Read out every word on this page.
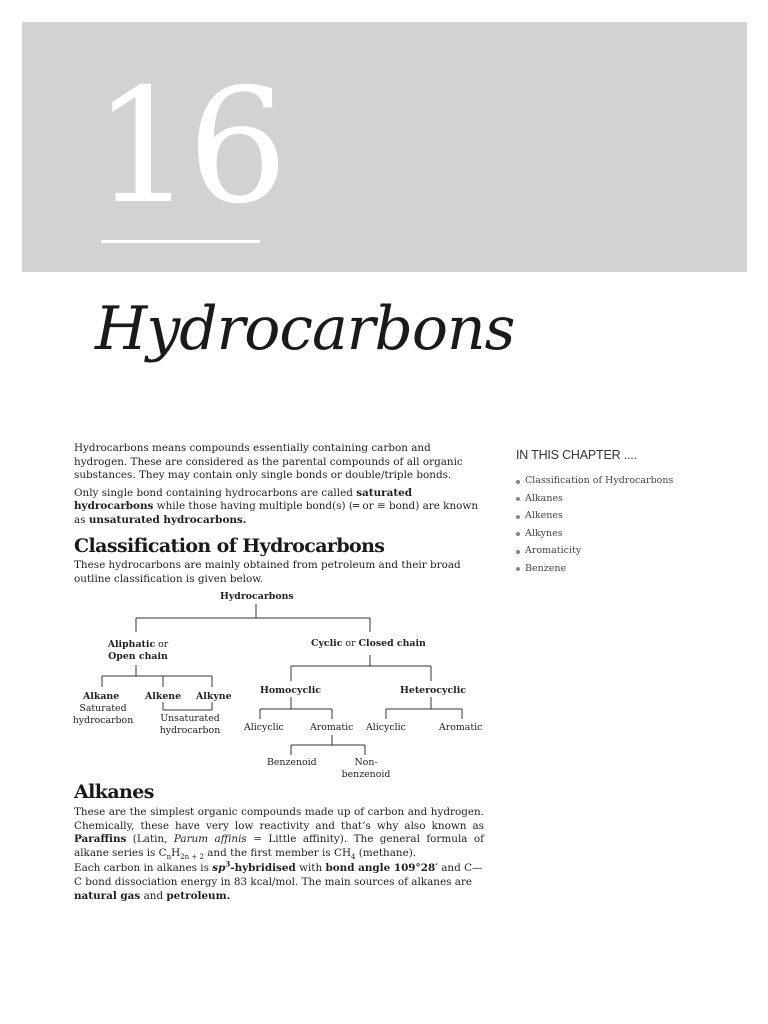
16
Hydrocarbons

Hydrocarbons means compounds essentially containing carbon and hydrogen. These are considered as the parental compounds of all organic substances. They may contain only single bonds or double/triple bonds.

Only single bond containing hydrocarbons are called saturated hydrocarbons while those having multiple bond(s) (═ or ≡ bond) are known as unsaturated hydrocarbons.

IN THIS CHAPTER ....
Classification of Hydrocarbons
Alkanes
Alkenes
Alkynes
Aromaticity
Benzene
Classification of Hydrocarbons
These hydrocarbons are mainly obtained from petroleum and their broad outline classification is given below.
Hydrocarbons
Aliphatic or
Open chain
Cyclic or Closed chain
Alkane
Saturated
hydrocarbon
Alkene Alkyne
Unsaturated
hydrocarbon
Homocyclic	Heterocyclic
Alicyclic	Aromatic Alicyclic	Aromatic
Benzenoid	Non-
benzenoid
Alkanes

These are the simplest organic compounds made up of carbon and hydrogen. Chemically, these have very low reactivity and that’s why also known as Paraffins (Latin, Parum affinis = Little affinity). The general formula of alkane series is $C_nH_{2n + 2}$ and the first member is $CH_4$ (methane).

Each carbon in alkanes is $sp^3$-hybridised with bond angle 109°28′ and C—C bond dissociation energy in 83 kcal/mol. The main sources of alkanes are natural gas and petroleum.
